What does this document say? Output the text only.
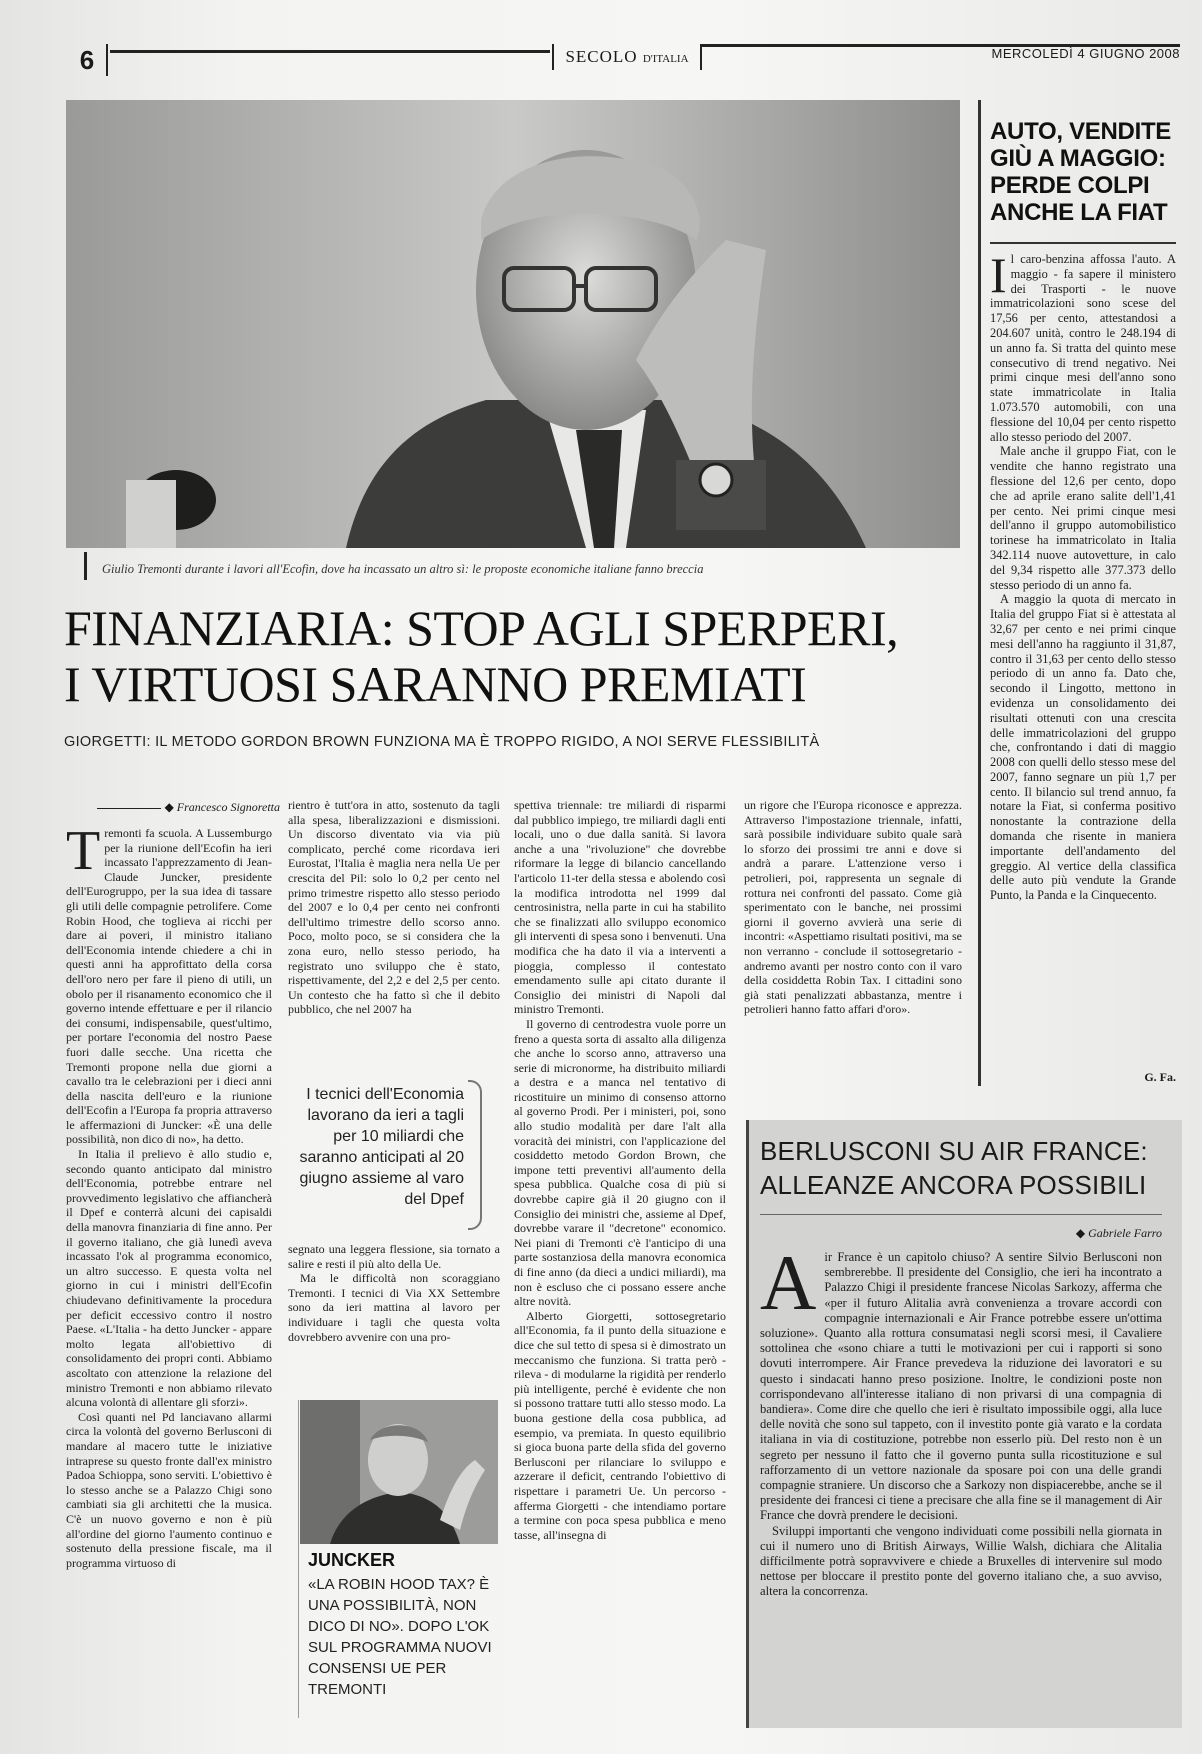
6	SECOLO D'ITALIA	MERCOLEDÌ 4 GIUGNO 2008
Giulio Tremonti durante i lavori all'Ecofin, dove ha incassato un altro sì: le proposte economiche italiane fanno breccia
FINANZIARIA: STOP AGLI SPERPERI,
I VIRTUOSI SARANNO PREMIATI
GIORGETTI: IL METODO GORDON BROWN FUNZIONA MA È TROPPO RIGIDO, A NOI SERVE FLESSIBILITÀ
◆ Francesco Signoretta

Tremonti fa scuola. A Lussemburgo per la riunione dell'Ecofin ha ieri incassato l'apprezzamento di Jean-Claude Juncker, presidente dell'Eurogruppo, per la sua idea di tassare gli utili delle compagnie petrolifere. Come Robin Hood, che toglieva ai ricchi per dare ai poveri, il ministro italiano dell'Economia intende chiedere a chi in questi anni ha approfittato della corsa dell'oro nero per fare il pieno di utili, un obolo per il risanamento economico che il governo intende effettuare e per il rilancio dei consumi, indispensabile, quest'ultimo, per portare l'economia del nostro Paese fuori dalle secche. Una ricetta che Tremonti propone nella due giorni a cavallo tra le celebrazioni per i dieci anni della nascita dell'euro e la riunione dell'Ecofin a l'Europa fa propria attraverso le affermazioni di Juncker: «È una delle possibilità, non dico di no», ha detto.

In Italia il prelievo è allo studio e, secondo quanto anticipato dal ministro dell'Economia, potrebbe entrare nel provvedimento legislativo che affiancherà il Dpef e conterrà alcuni dei capisaldi della manovra finanziaria di fine anno. Per il governo italiano, che già lunedì aveva incassato l'ok al programma economico, un altro successo. E questa volta nel giorno in cui i ministri dell'Ecofin chiudevano definitivamente la procedura per deficit eccessivo contro il nostro Paese. «L'Italia - ha detto Juncker - appare molto legata all'obiettivo di consolidamento dei propri conti. Abbiamo ascoltato con attenzione la relazione del ministro Tremonti e non abbiamo rilevato alcuna volontà di allentare gli sforzi».

Così quanti nel Pd lanciavano allarmi circa la volontà del governo Berlusconi di mandare al macero tutte le iniziative intraprese su questo fronte dall'ex ministro Padoa Schioppa, sono serviti. L'obiettivo è lo stesso anche se a Palazzo Chigi sono cambiati sia gli architetti che la musica. C'è un nuovo governo e non è più all'ordine del giorno l'aumento continuo e sostenuto della pressione fiscale, ma il programma virtuoso di

rientro è tutt'ora in atto, sostenuto da tagli alla spesa, liberalizzazioni e dismissioni. Un discorso diventato via via più complicato, perché come ricordava ieri Eurostat, l'Italia è maglia nera nella Ue per crescita del Pil: solo lo 0,2 per cento nel primo trimestre rispetto allo stesso periodo del 2007 e lo 0,4 per cento nei confronti dell'ultimo trimestre dello scorso anno. Poco, molto poco, se si considera che la zona euro, nello stesso periodo, ha registrato uno sviluppo che è stato, rispettivamente, del 2,2 e del 2,5 per cento. Un contesto che ha fatto sì che il debito pubblico, che nel 2007 ha

I tecnici dell'Economia lavorano da ieri a tagli per 10 miliardi che saranno anticipati al 20 giugno assieme al varo del Dpef

segnato una leggera flessione, sia tornato a salire e resti il più alto della Ue.

Ma le difficoltà non scoraggiano Tremonti. I tecnici di Via XX Settembre sono da ieri mattina al lavoro per individuare i tagli che questa volta dovrebbero avvenire con una pro-

JUNCKER
«LA ROBIN HOOD TAX? È UNA POSSIBILITÀ, NON DICO DI NO». DOPO L'OK SUL PROGRAMMA NUOVI CONSENSI UE PER TREMONTI

spettiva triennale: tre miliardi di risparmi dal pubblico impiego, tre miliardi dagli enti locali, uno o due dalla sanità. Si lavora anche a una "rivoluzione" che dovrebbe riformare la legge di bilancio cancellando l'articolo 11-ter della stessa e abolendo così la modifica introdotta nel 1999 dal centrosinistra, nella parte in cui ha stabilito che se finalizzati allo sviluppo economico gli interventi di spesa sono i benvenuti. Una modifica che ha dato il via a interventi a pioggia, complesso il contestato emendamento sulle api citato durante il Consiglio dei ministri di Napoli dal ministro Tremonti.

Il governo di centrodestra vuole porre un freno a questa sorta di assalto alla diligenza che anche lo scorso anno, attraverso una serie di micronorme, ha distribuito miliardi a destra e a manca nel tentativo di ricostituire un minimo di consenso attorno al governo Prodi. Per i ministeri, poi, sono allo studio modalità per dare l'alt alla voracità dei ministri, con l'applicazione del cosiddetto metodo Gordon Brown, che impone tetti preventivi all'aumento della spesa pubblica. Qualche cosa di più si dovrebbe capire già il 20 giugno con il Consiglio dei ministri che, assieme al Dpef, dovrebbe varare il "decretone" economico. Nei piani di Tremonti c'è l'anticipo di una parte sostanziosa della manovra economica di fine anno (da dieci a undici miliardi), ma non è escluso che ci possano essere anche altre novità.

Alberto Giorgetti, sottosegretario all'Economia, fa il punto della situazione e dice che sul tetto di spesa si è dimostrato un meccanismo che funziona. Si tratta però - rileva - di modularne la rigidità per renderlo più intelligente, perché è evidente che non si possono trattare tutti allo stesso modo. La buona gestione della cosa pubblica, ad esempio, va premiata. In questo equilibrio si gioca buona parte della sfida del governo Berlusconi per rilanciare lo sviluppo e azzerare il deficit, centrando l'obiettivo di rispettare i parametri Ue. Un percorso - afferma Giorgetti - che intendiamo portare a termine con poca spesa pubblica e meno tasse, all'insegna di

un rigore che l'Europa riconosce e apprezza. Attraverso l'impostazione triennale, infatti, sarà possibile individuare subito quale sarà lo sforzo dei prossimi tre anni e dove si andrà a parare. L'attenzione verso i petrolieri, poi, rappresenta un segnale di rottura nei confronti del passato. Come già sperimentato con le banche, nei prossimi giorni il governo avvierà una serie di incontri: «Aspettiamo risultati positivi, ma se non verranno - conclude il sottosegretario - andremo avanti per nostro conto con il varo della cosiddetta Robin Tax. I cittadini sono già stati penalizzati abbastanza, mentre i petrolieri hanno fatto affari d'oro».

AUTO, VENDITE GIÙ A MAGGIO: PERDE COLPI ANCHE LA FIAT

Il caro-benzina affossa l'auto. A maggio - fa sapere il ministero dei Trasporti - le nuove immatricolazioni sono scese del 17,56 per cento, attestandosi a 204.607 unità, contro le 248.194 di un anno fa. Si tratta del quinto mese consecutivo di trend negativo. Nei primi cinque mesi dell'anno sono state immatricolate in Italia 1.073.570 automobili, con una flessione del 10,04 per cento rispetto allo stesso periodo del 2007.

Male anche il gruppo Fiat, con le vendite che hanno registrato una flessione del 12,6 per cento, dopo che ad aprile erano salite dell'1,41 per cento. Nei primi cinque mesi dell'anno il gruppo automobilistico torinese ha immatricolato in Italia 342.114 nuove autovetture, in calo del 9,34 rispetto alle 377.373 dello stesso periodo di un anno fa.

A maggio la quota di mercato in Italia del gruppo Fiat si è attestata al 32,67 per cento e nei primi cinque mesi dell'anno ha raggiunto il 31,87, contro il 31,63 per cento dello stesso periodo di un anno fa. Dato che, secondo il Lingotto, mettono in evidenza un consolidamento dei risultati ottenuti con una crescita delle immatricolazioni del gruppo che, confrontando i dati di maggio 2008 con quelli dello stesso mese del 2007, fanno segnare un più 1,7 per cento. Il bilancio sul trend annuo, fa notare la Fiat, si conferma positivo nonostante la contrazione della domanda che risente in maniera importante dell'andamento del greggio. Al vertice della classifica delle auto più vendute la Grande Punto, la Panda e la Cinquecento.

G. Fa.
BERLUSCONI SU AIR FRANCE:
ALLEANZE ANCORA POSSIBILI
◆ Gabriele Farro

Air France è un capitolo chiuso? A sentire Silvio Berlusconi non sembrerebbe. Il presidente del Consiglio, che ieri ha incontrato a Palazzo Chigi il presidente francese Nicolas Sarkozy, afferma che «per il futuro Alitalia avrà convenienza a trovare accordi con compagnie internazionali e Air France potrebbe essere un'ottima soluzione». Quanto alla rottura consumatasi negli scorsi mesi, il Cavaliere sottolinea che «sono chiare a tutti le motivazioni per cui i rapporti si sono dovuti interrompere. Air France prevedeva la riduzione dei lavoratori e su questo i sindacati hanno preso posizione. Inoltre, le condizioni poste non corrispondevano all'interesse italiano di non privarsi di una compagnia di bandiera». Come dire che quello che ieri è risultato impossibile oggi, alla luce delle novità che sono sul tappeto, con il investito ponte già varato e la cordata italiana in via di costituzione, potrebbe non esserlo più. Del resto non è un segreto per nessuno il fatto che il governo punta sulla ricostituzione e sul rafforzamento di un vettore nazionale da sposare poi con una delle grandi compagnie straniere. Un discorso che a Sarkozy non dispiacerebbe, anche se il presidente dei francesi ci tiene a precisare che alla fine se il management di Air France che dovrà prendere le decisioni.

Sviluppi importanti che vengono individuati come possibili nella giornata in cui il numero uno di British Airways, Willie Walsh, dichiara che Alitalia difficilmente potrà sopravvivere e chiede a Bruxelles di intervenire sul modo nettose per bloccare il prestito ponte del governo italiano che, a suo avviso, altera la concorrenza.
